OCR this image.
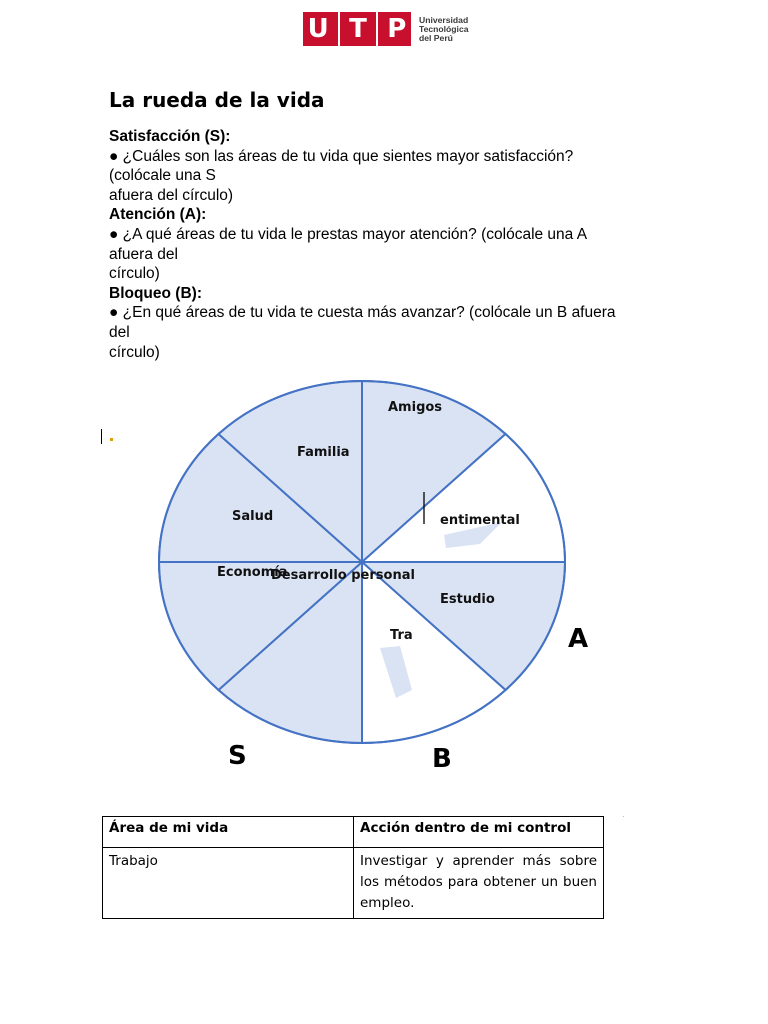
U T P Universidad
Tecnológica
del Perú
La rueda de la vida
Satisfacción (S):
● ¿Cuáles son las áreas de tu vida que sientes mayor satisfacción?
(colócale una S
afuera del círculo)
Atención (A):
● ¿A qué áreas de tu vida le prestas mayor atención? (colócale una A
afuera del
círculo)
Bloqueo (B):
● ¿En qué áreas de tu vida te cuesta más avanzar? (colócale un B afuera
del
círculo)
Amigos
entimental
Estudio
Tra
Economía
Salud
Familia
Desarrollo personal
A
S	B
·
Área de mi vida	Acción dentro de mi control
Trabajo	Investigar y aprender más sobre los métodos para obtener un buen empleo.
